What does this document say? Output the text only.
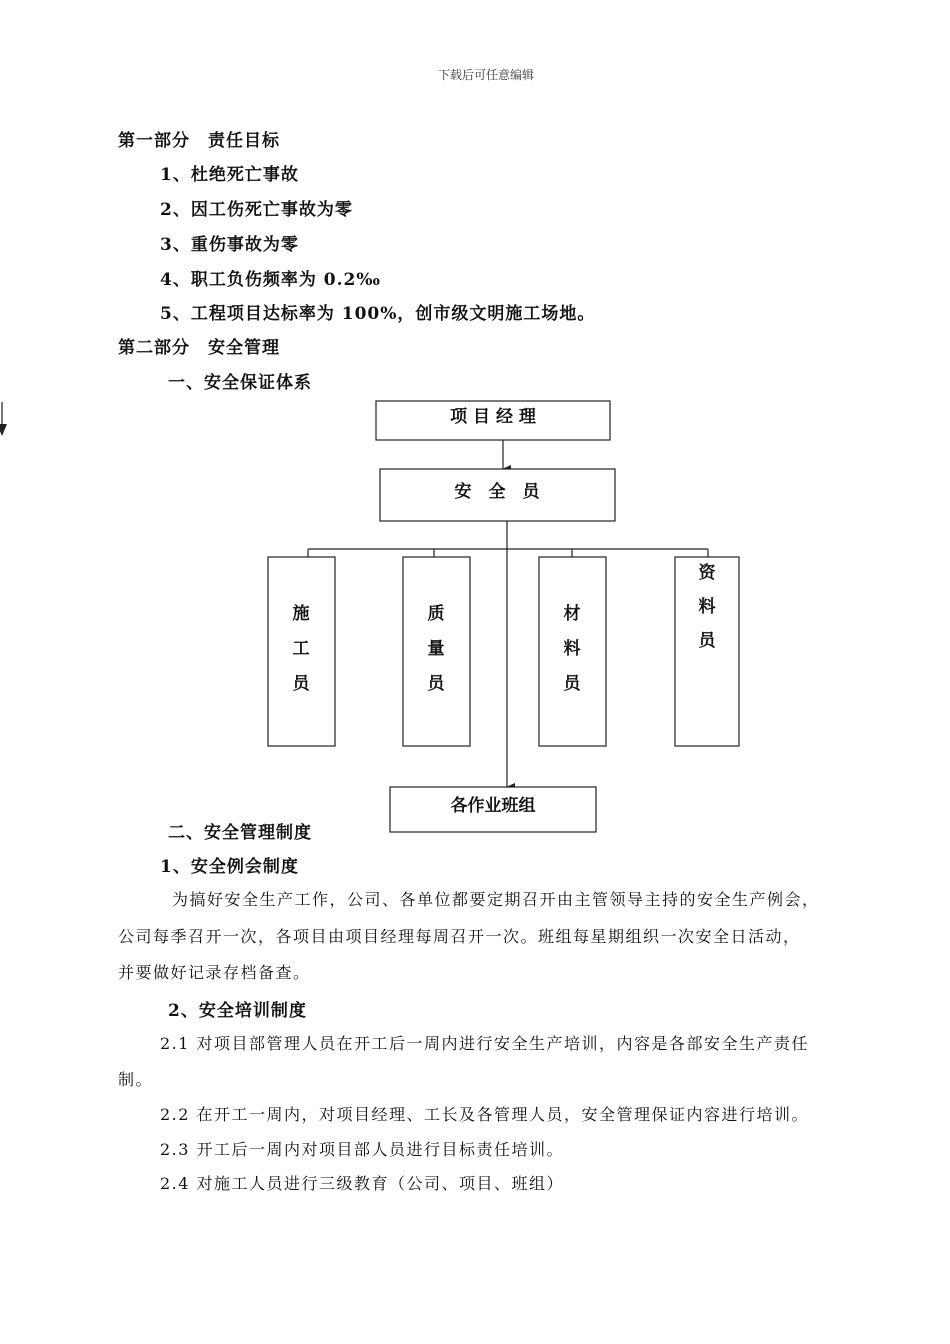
下载后可任意编辑
第一部分　责任目标
1、杜绝死亡事故
2、因工伤死亡事故为零
3、重伤事故为零
4、职工负伤频率为 0.2‰
5、工程项目达标率为 100%，创市级文明施工场地。
第二部分　安全管理
一、安全保证体系
项 目 经 理
安　全　员
施
工
员
质
量
员
材
料
员
资
料
员
各作业班组
二、安全管理制度
1、安全例会制度
为搞好安全生产工作，公司、各单位都要定期召开由主管领导主持的安全生产例会，
公司每季召开一次，各项目由项目经理每周召开一次。班组每星期组织一次安全日活动，
并要做好记录存档备查。
2、安全培训制度
2.1 对项目部管理人员在开工后一周内进行安全生产培训，内容是各部安全生产责任
制。
2.2 在开工一周内，对项目经理、工长及各管理人员，安全管理保证内容进行培训。
2.3 开工后一周内对项目部人员进行目标责任培训。
2.4 对施工人员进行三级教育（公司、项目、班组）
